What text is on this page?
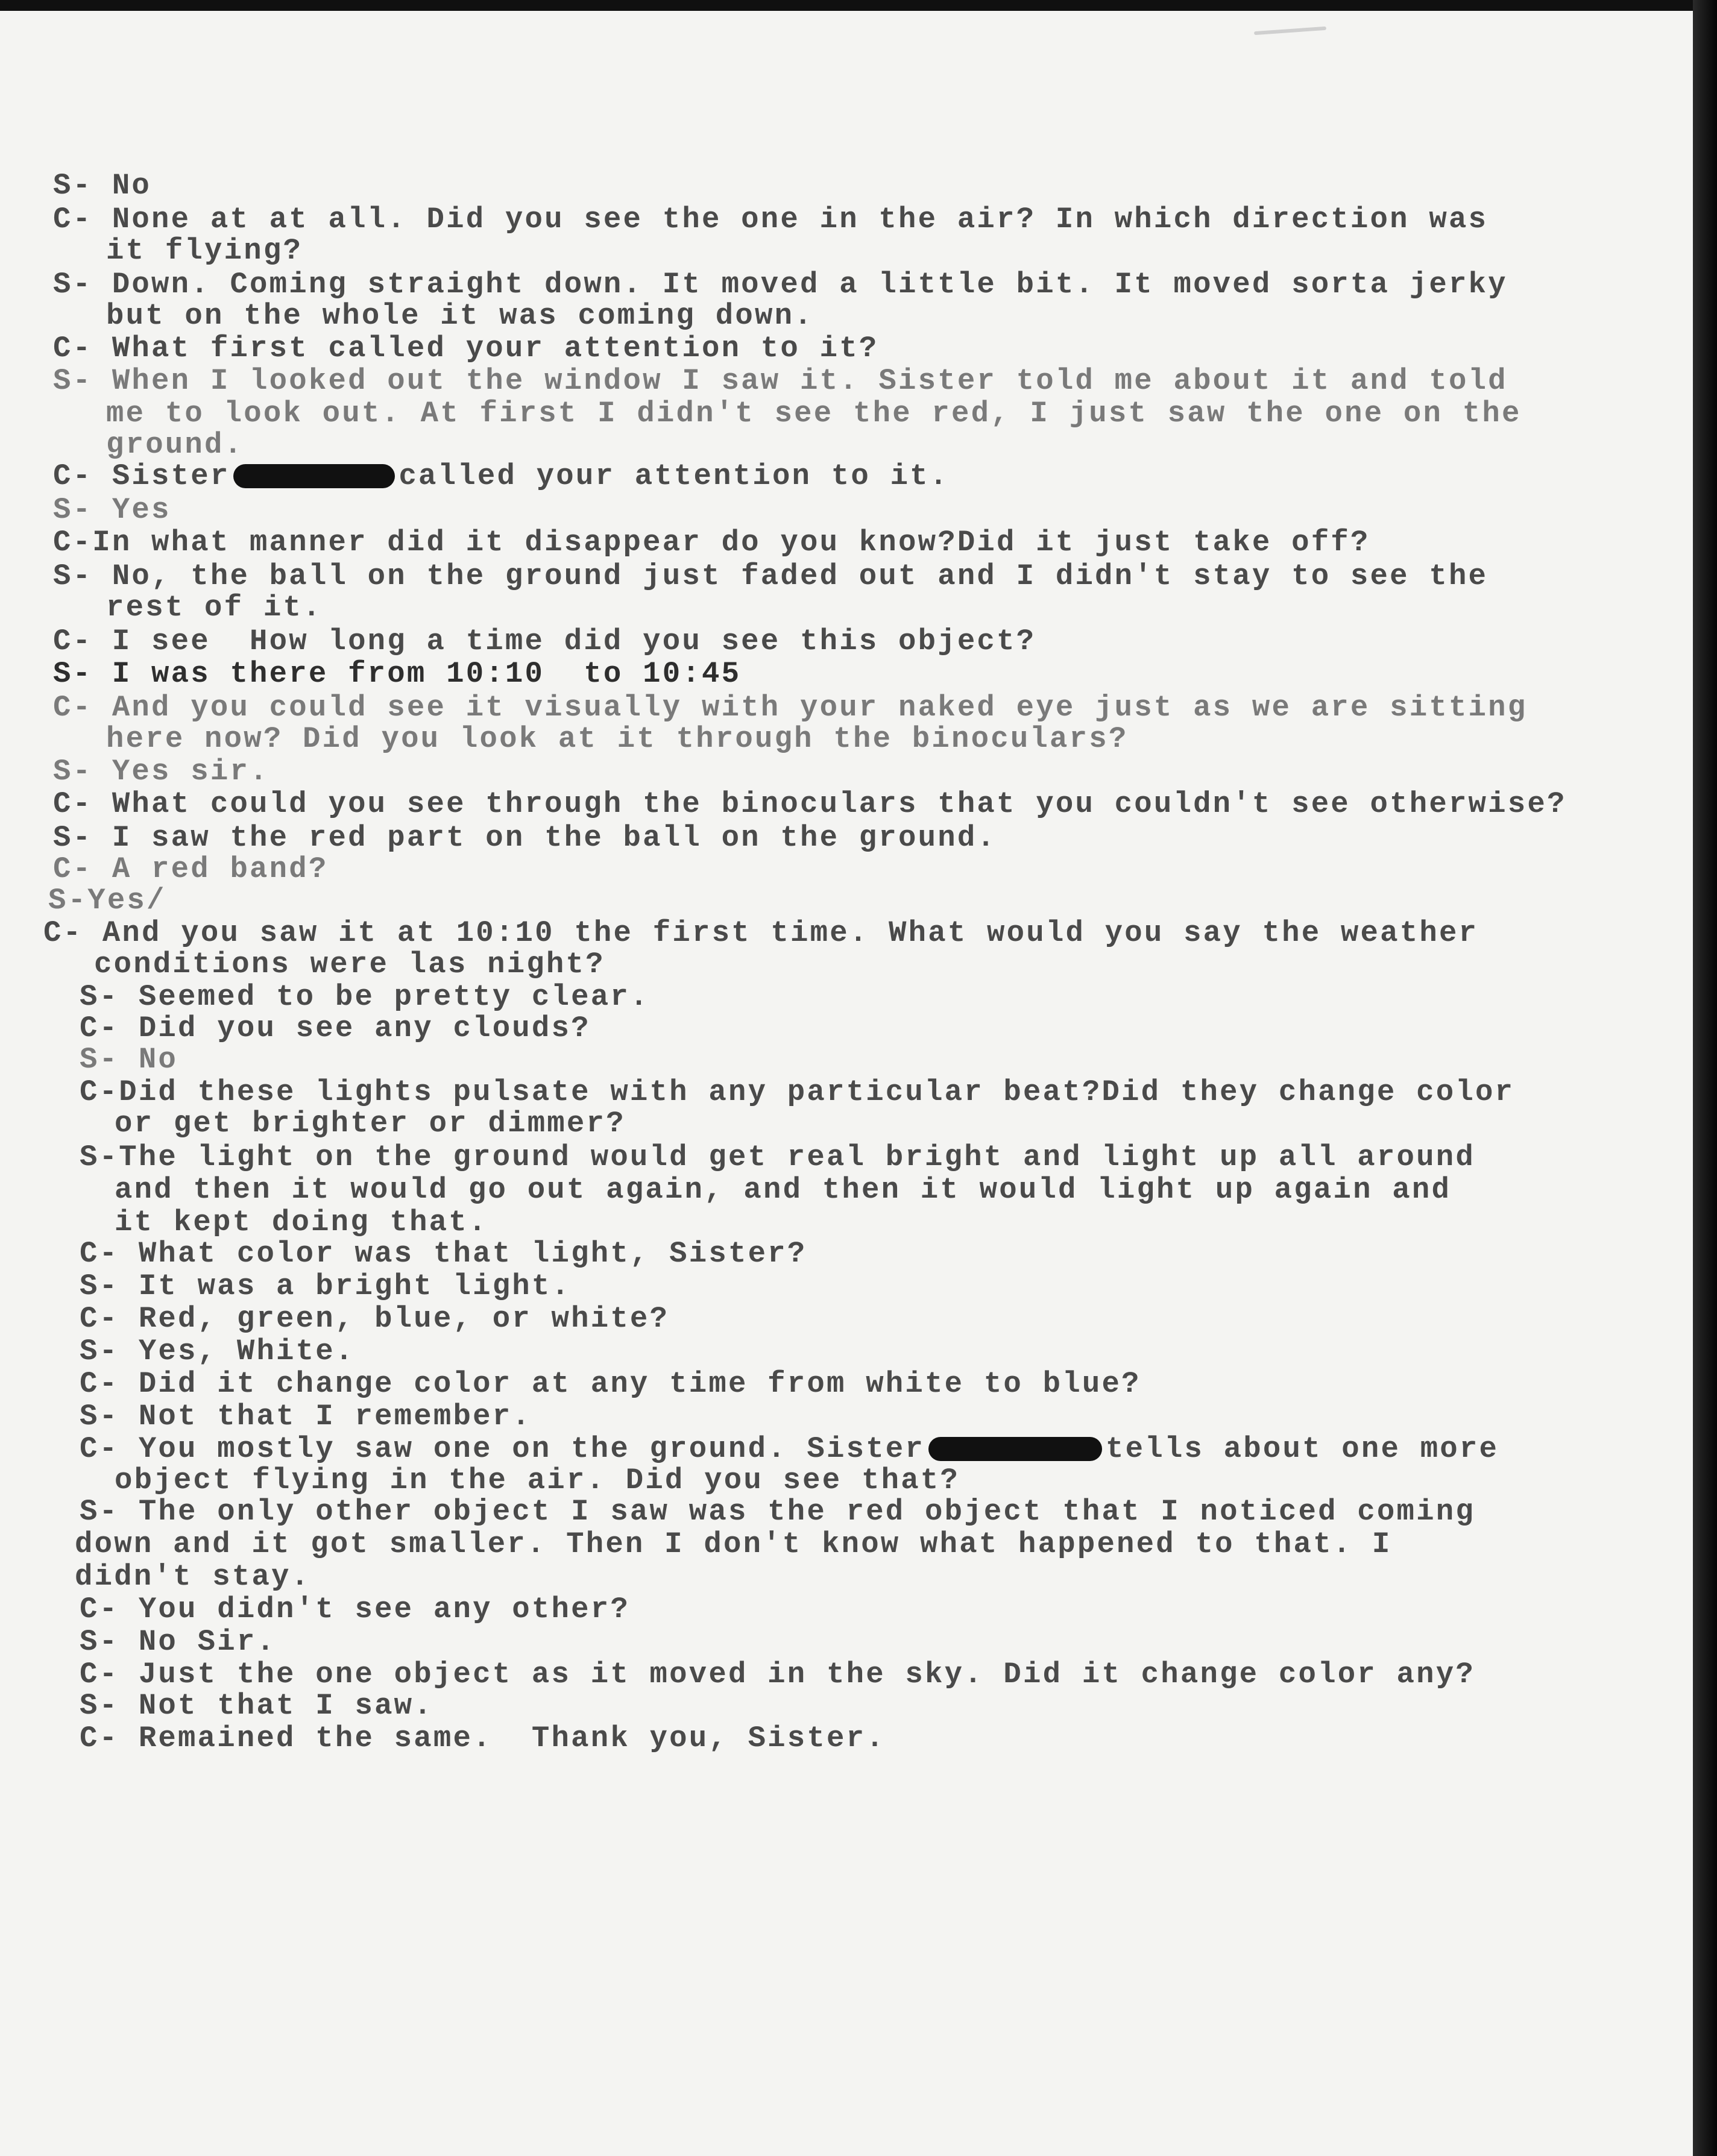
S- No
C- None at at all. Did you see the one in the air? In which direction was
it flying?
S- Down. Coming straight down. It moved a little bit. It moved sorta jerky
but on the whole it was coming down.
C- What first called your attention to it?
S- When I looked out the window I saw it. Sister told me about it and told
me to look out. At first I didn't see the red, I just saw the one on the
ground.
C- Sister	called your attention to it.
S- Yes
C-In what manner did it disappear do you know?Did it just take off?
S- No, the ball on the ground just faded out and I didn't stay to see the
rest of it.
C- I see  How long a time did you see this object?
S- I was there from 10:10  to 10:45
C- And you could see it visually with your naked eye just as we are sitting
here now? Did you look at it through the binoculars?
S- Yes sir.
C- What could you see through the binoculars that you couldn't see otherwise?
S- I saw the red part on the ball on the ground.
C- A red band?
S-Yes/
C- And you saw it at 10:10 the first time. What would you say the weather
conditions were las night?
S- Seemed to be pretty clear.
C- Did you see any clouds?
S- No
C-Did these lights pulsate with any particular beat?Did they change color
or get brighter or dimmer?
S-The light on the ground would get real bright and light up all around
and then it would go out again, and then it would light up again and
it kept doing that.
C- What color was that light, Sister?
S- It was a bright light.
C- Red, green, blue, or white?
S- Yes, White.
C- Did it change color at any time from white to blue?
S- Not that I remember.
C- You mostly saw one on the ground. Sister	tells about one more
object flying in the air. Did you see that?
S- The only other object I saw was the red object that I noticed coming
down and it got smaller. Then I don't know what happened to that. I
didn't stay.
C- You didn't see any other?
S- No Sir.
C- Just the one object as it moved in the sky. Did it change color any?
S- Not that I saw.
C- Remained the same.  Thank you, Sister.
